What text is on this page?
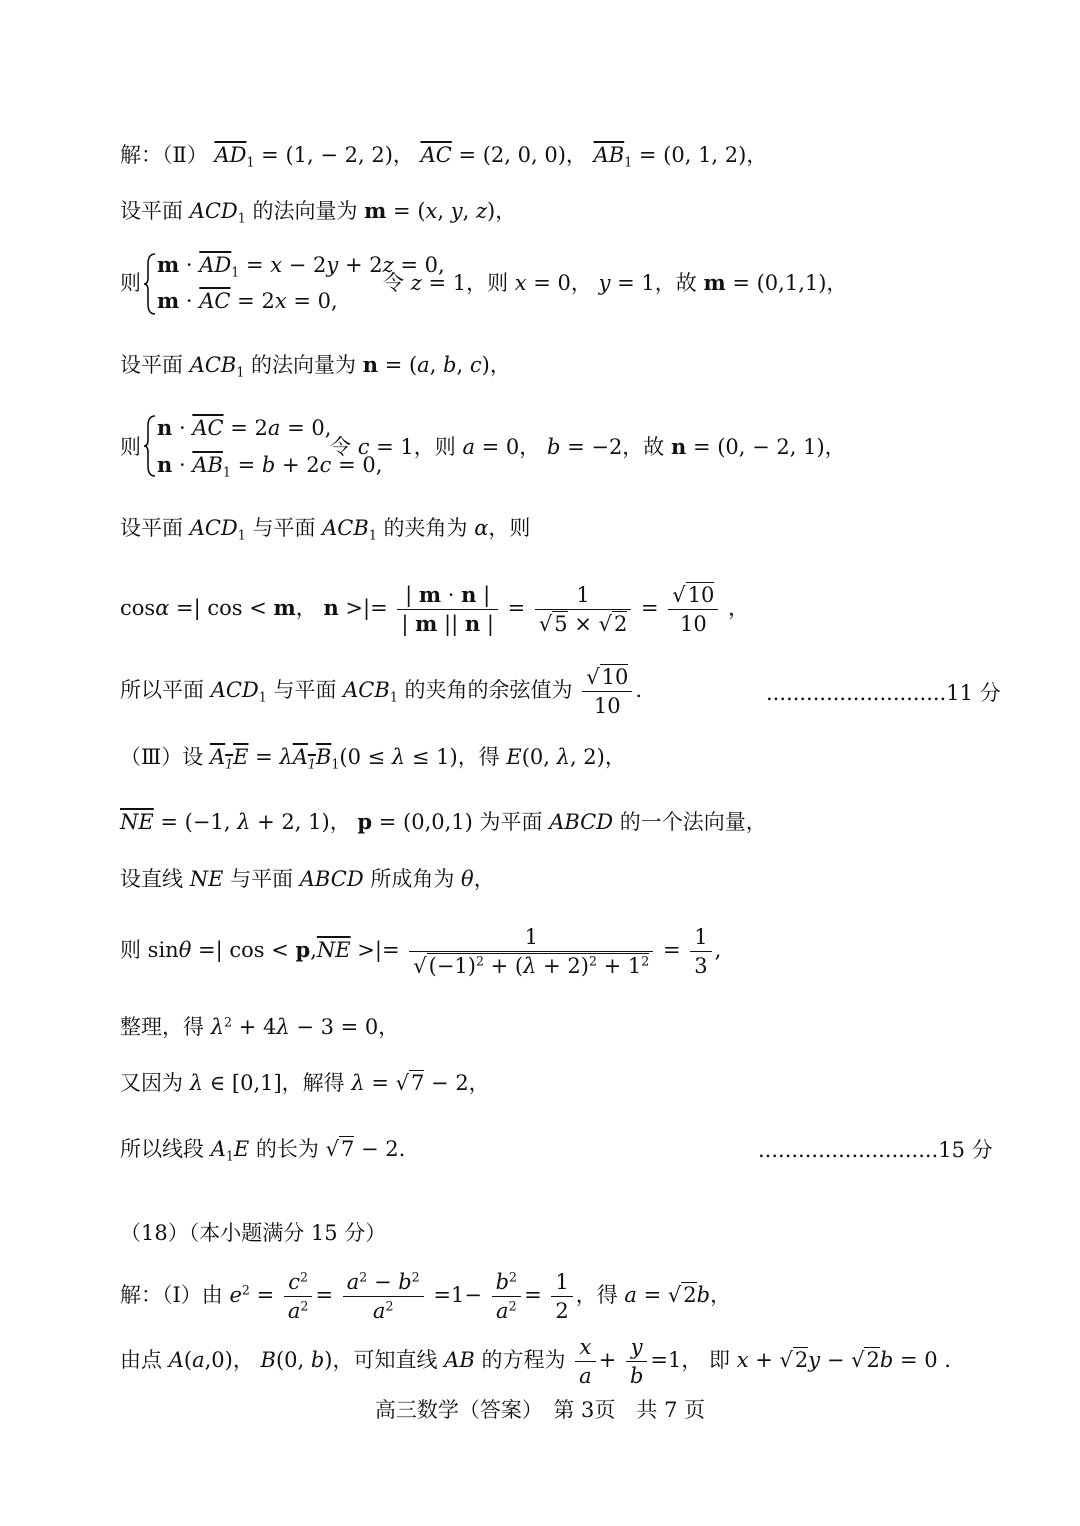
解：（Ⅱ） $\overline{AD}_1 = (1$, − 2, 2)， $\overline{AC} = (2$, 0, 0)， $\overline{AB}_1 = (0$, 1, 2)，
设平面 $ACD_1$ 的法向量为 m = (x, y, z)，
则
$m \cdot \overline{AD}_1 = x - 2y + 2z = 0$,
$m \cdot \overline{AC} = 2x = 0$,
令 z = 1，则 x = 0， y = 1，故 m = (0,1,1)，
设平面 $ACB_1$ 的法向量为 n = (a, b, c)，
则
$n \cdot \overline{AC} = 2a = 0$,
$n \cdot \overline{AB}_1 = b + 2c = 0$,
令 c = 1，则 a = 0， b = −2，故 n = (0, − 2, 1)，
设平面 $ACD_1$ 与平面 $ACB_1$ 的夹角为 α，则
cosα =| cos < m， n >|= $\frac{| m \cdot n |}{| m || n |} = \frac{1}{√5 \times √2} = \frac{√10}{10}$ ，
所以平面 $ACD_1$ 与平面 $ACB_1$ 的夹角的余弦值为 $\frac{√10}{10}$ .	...........................11 分
（Ⅲ）设 $A_1E = \lambda A_1B_1(0 \le \lambda \le 1)$，得 E(0, λ, 2)，
$\overline{NE} = (-1$, λ + 2, 1)， p = (0,0,1) 为平面 ABCD 的一个法向量，
设直线 NE 与平面 ABCD 所成角为 θ，
则 sinθ =| $\cos < p,\overline{NE}$ >|= $\frac{1}{√(-1)^2 + (\lambda + 2)^2 + 1^2} = \frac{1}{3}$ ,
整理，得 $\lambda^2 + 4\lambda - 3 = 0$，
又因为 λ ∈ [0,1]，解得 λ = √7 − 2，
所以线段 $A_1E$ 的长为 √7 − 2.	...........................15 分
（18）（本小题满分 15 分）
解：（Ⅰ）由 $e^2 = \frac{c^2}{a^2} = \frac{a^2 - b^2}{a^2} =1- \frac{b^2}{a^2} = \frac{1}{2}$ ，得 a = √2b，
由点 A(a,0)， B(0, b)，可知直线 AB 的方程为 $\frac{x}{a} + \frac{y}{b} =1$， 即 x + √2y − √2b = 0 .
高三数学（答案）　第 3页　共 7 页
